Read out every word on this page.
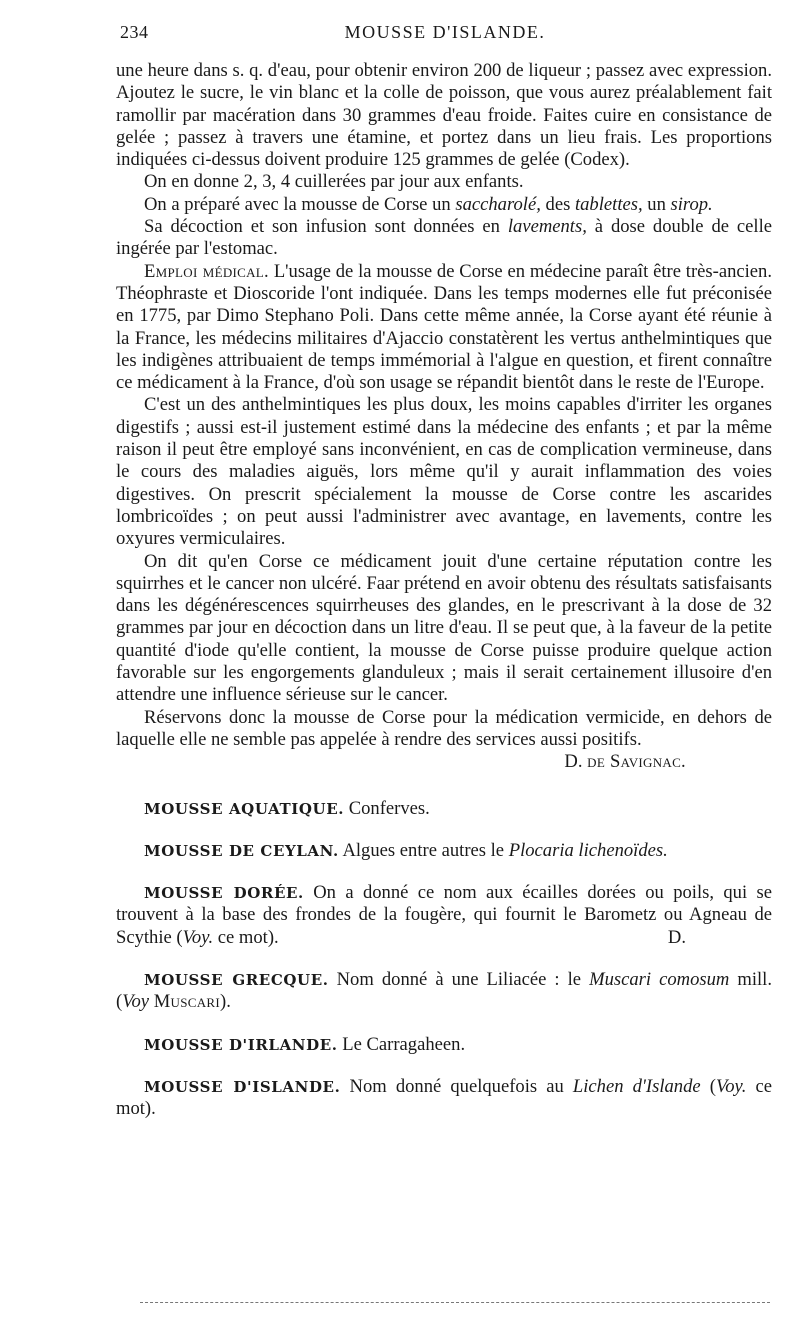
234	MOUSSE D'ISLANDE.

une heure dans s. q. d'eau, pour obtenir environ 200 de liqueur ; passez avec expression. Ajoutez le sucre, le vin blanc et la colle de poisson, que vous aurez préalablement fait ramollir par macération dans 30 grammes d'eau froide. Faites cuire en consistance de gelée ; passez à travers une étamine, et portez dans un lieu frais. Les proportions indiquées ci-dessus doivent produire 125 grammes de gelée (Codex).

On en donne 2, 3, 4 cuillerées par jour aux enfants.

On a préparé avec la mousse de Corse un saccharolé, des tablettes, un sirop.

Sa décoction et son infusion sont données en lavements, à dose double de celle ingérée par l'estomac.

Emploi médical. L'usage de la mousse de Corse en médecine paraît être très-ancien. Théophraste et Dioscoride l'ont indiquée. Dans les temps modernes elle fut préconisée en 1775, par Dimo Stephano Poli. Dans cette même année, la Corse ayant été réunie à la France, les médecins militaires d'Ajaccio constatèrent les vertus anthelmintiques que les indigènes attribuaient de temps immémorial à l'algue en question, et firent connaître ce médicament à la France, d'où son usage se répandit bientôt dans le reste de l'Europe.

C'est un des anthelmintiques les plus doux, les moins capables d'irriter les organes digestifs ; aussi est-il justement estimé dans la médecine des enfants ; et par la même raison il peut être employé sans inconvénient, en cas de complication vermineuse, dans le cours des maladies aiguës, lors même qu'il y aurait inflammation des voies digestives. On prescrit spécialement la mousse de Corse contre les ascarides lombricoïdes ; on peut aussi l'administrer avec avantage, en lavements, contre les oxyures vermiculaires.

On dit qu'en Corse ce médicament jouit d'une certaine réputation contre les squirrhes et le cancer non ulcéré. Faar prétend en avoir obtenu des résultats satisfaisants dans les dégénérescences squirrheuses des glandes, en le prescrivant à la dose de 32 grammes par jour en décoction dans un litre d'eau. Il se peut que, à la faveur de la petite quantité d'iode qu'elle contient, la mousse de Corse puisse produire quelque action favorable sur les engorgements glanduleux ; mais il serait certainement illusoire d'en attendre une influence sérieuse sur le cancer.

Réservons donc la mousse de Corse pour la médication vermicide, en dehors de laquelle elle ne semble pas appelée à rendre des services aussi positifs.

D. de Savignac.

MOUSSE AQUATIQUE. Conferves.

MOUSSE DE CEYLAN. Algues entre autres le Plocaria lichenoïdes.

MOUSSE DORÉE. On a donné ce nom aux écailles dorées ou poils, qui se trouvent à la base des frondes de la fougère, qui fournit le Barometz ou Agneau de Scythie (Voy. ce mot).	D.

MOUSSE GRECQUE. Nom donné à une Liliacée : le Muscari comosum mill. (Voy Muscari).

MOUSSE D'IRLANDE. Le Carragaheen.

MOUSSE D'ISLANDE. Nom donné quelquefois au Lichen d'Islande (Voy. ce mot).
